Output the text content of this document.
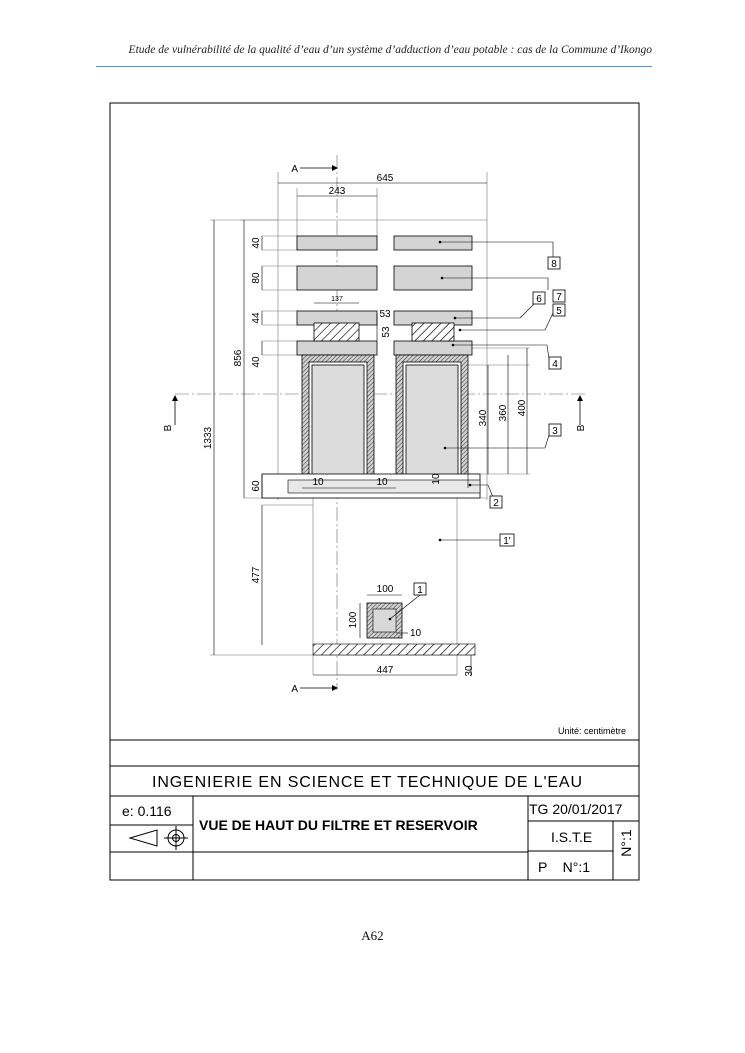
Etude de vulnérabilité de la qualité d’eau d’un système d’adduction d’eau potable : cas de la Commune d’Ikongo
A
A
B	B
8
7
6
5
4
3
2
1'
1
645
243
137
53
53
40
80
44
40
856
1333
340 360 400
60	10	10	10
477
100
100
10
447	30
Unité: centimètre
INGENIERIE EN SCIENCE ET TECHNIQUE DE L'EAU
e: 0.116
VUE DE HAUT DU FILTRE ET RESERVOIR
TG 20/01/2017
I.S.T.E
P    N°:1
N°:1
A62
